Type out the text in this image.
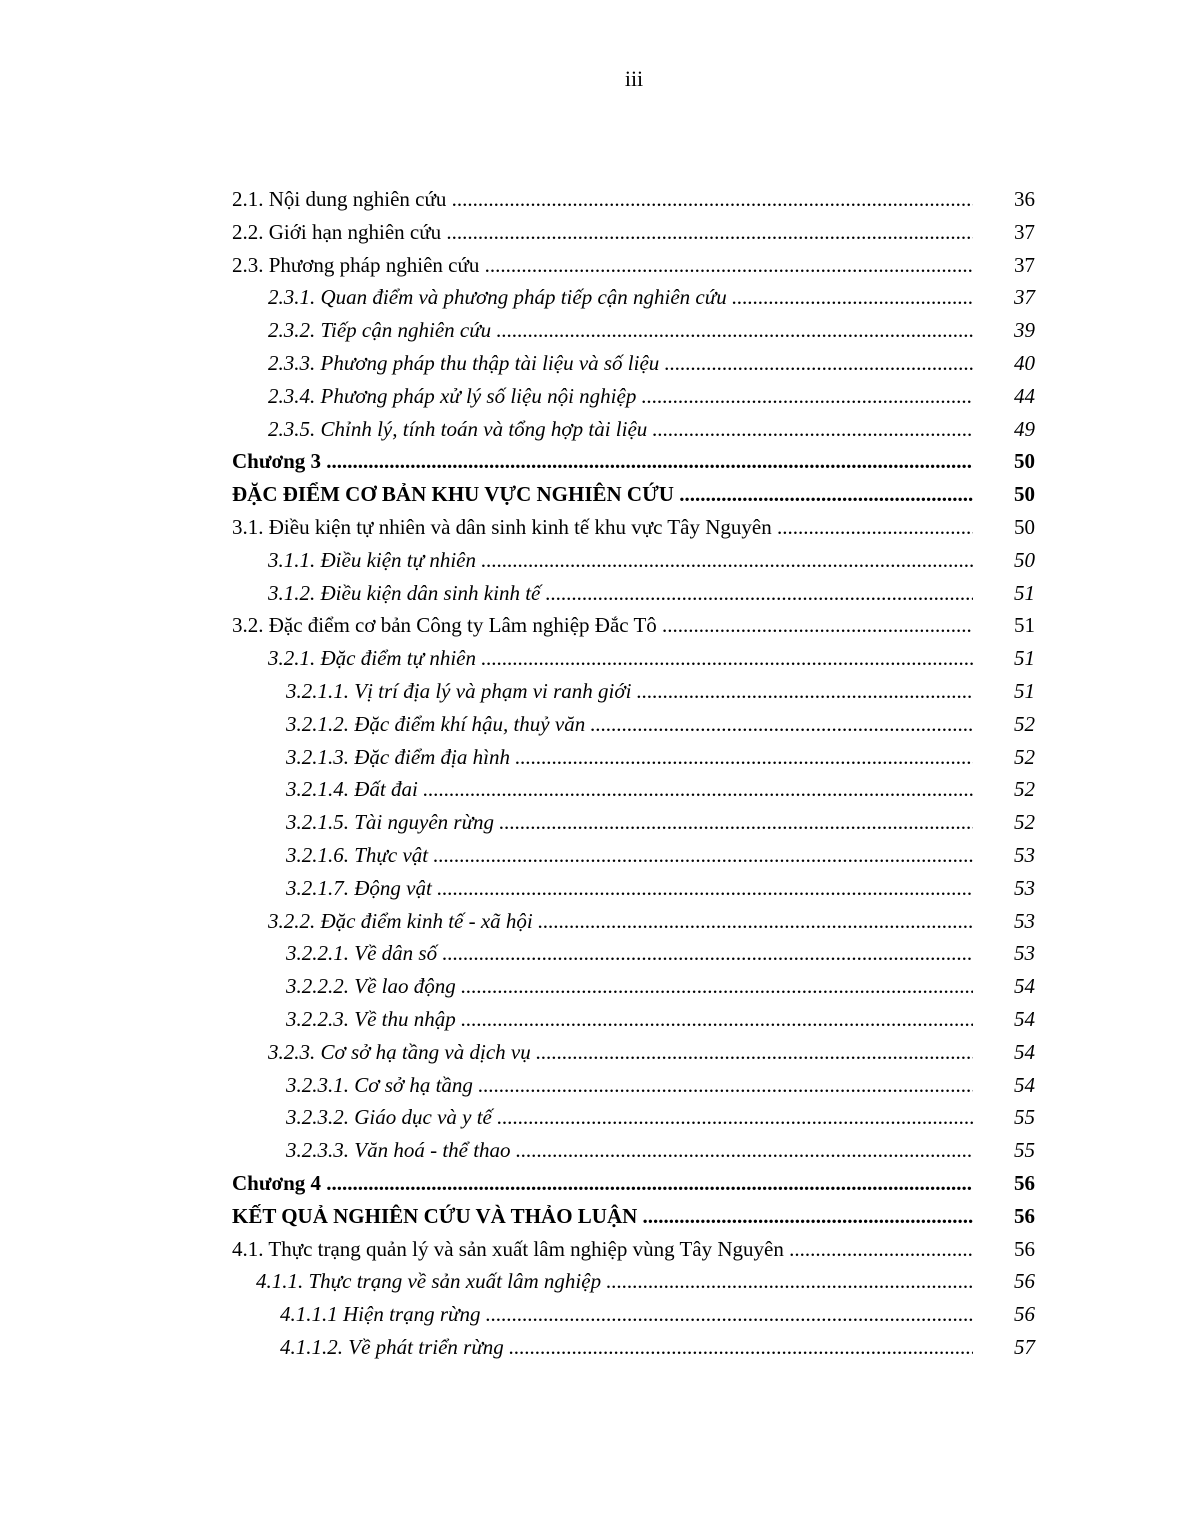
iii
2.1. Nội dung nghiên cứu .....	36
2.2. Giới hạn nghiên cứu .....	37
2.3. Phương pháp nghiên cứu .....	37
2.3.1. Quan điểm và phương pháp tiếp cận nghiên cứu .....	37
2.3.2. Tiếp cận nghiên cứu .....	39
2.3.3. Phương pháp thu thập tài liệu và số liệu .....	40
2.3.4. Phương pháp xử lý số liệu nội nghiệp .....	44
2.3.5. Chỉnh lý, tính toán và tổng hợp tài liệu .....	49
Chương 3 .....	50
ĐẶC ĐIỂM CƠ BẢN KHU VỰC NGHIÊN CỨU .....	50
3.1. Điều kiện tự nhiên và dân sinh kinh tế khu vực Tây Nguyên .....	50
3.1.1. Điều kiện tự nhiên .....	50
3.1.2. Điều kiện dân sinh kinh tế .....	51
3.2. Đặc điểm cơ bản Công ty Lâm nghiệp Đắc Tô .....	51
3.2.1. Đặc điểm tự nhiên .....	51
3.2.1.1. Vị trí địa lý và phạm vi ranh giới .....	51
3.2.1.2. Đặc điểm khí hậu, thuỷ văn .....	52
3.2.1.3. Đặc điểm địa hình .....	52
3.2.1.4. Đất đai .....	52
3.2.1.5. Tài nguyên rừng .....	52
3.2.1.6. Thực vật .....	53
3.2.1.7. Động vật .....	53
3.2.2. Đặc điểm kinh tế - xã hội .....	53
3.2.2.1. Về dân số .....	53
3.2.2.2. Về lao động .....	54
3.2.2.3. Về thu nhập .....	54
3.2.3. Cơ sở hạ tầng và dịch vụ .....	54
3.2.3.1. Cơ sở hạ tầng .....	54
3.2.3.2. Giáo dục và y tế .....	55
3.2.3.3. Văn hoá - thể thao .....	55
Chương 4 .....	56
KẾT QUẢ NGHIÊN CỨU VÀ THẢO LUẬN .....	56
4.1. Thực trạng quản lý và sản xuất lâm nghiệp vùng Tây Nguyên .....	56
4.1.1. Thực trạng về sản xuất lâm nghiệp .....	56
4.1.1.1 Hiện trạng rừng .....	56
4.1.1.2. Về phát triển rừng .....	57
